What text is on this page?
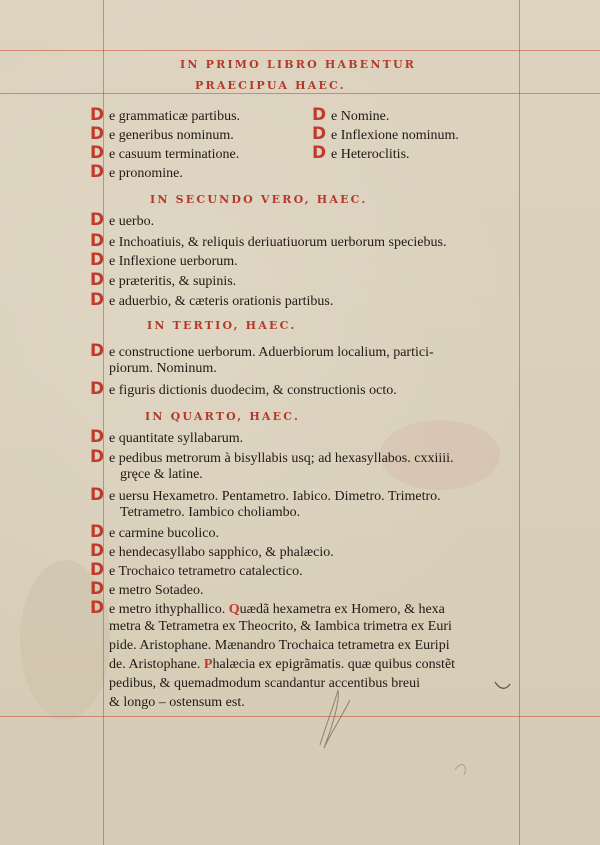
IN PRIMO LIBRO HABENTUR
PRAECIPUA HAEC.
D e grammaticæ partibus.
D e generibus nominum.
D e casuum terminatione.
D e pronomine.
D e Nomine.
D e Inflexione nominum.
D e Heteroclitis.
IN SECUNDO VERO, HAEC.
D e uerbo.
D e Inchoatiuis, & reliquis deriuatiuorum uerborum speciebus.
D e Inflexione uerborum.
D e præteritis, & supinis.
D e aduerbio, & cæteris orationis partibus.
IN TERTIO, HAEC.
D e constructione uerborum. Aduerbiorum localium, partici-
piorum. Nominum.
D e figuris dictionis duodecim, & constructionis octo.
IN QUARTO, HAEC.
D e quantitate syllabarum.
D e pedibus metrorum à bisyllabis usq; ad hexasyllabos. cxxiiii.
gręce & latine.
D e uersu Hexametro. Pentametro. Iabico. Dimetro. Trimetro.
Tetrametro. Iambico choliambo.
D e carmine bucolico.
D e hendecasyllabo sapphico, & phalæcio.
D e Trochaico tetrametro catalectico.
D e metro Sotadeo.
D e metro ithyphallico. Quædã hexametra ex Homero, & hexa
metra & Tetrametra ex Theocrito, & Iambica trimetra ex Euri
pide. Aristophane. Mænandro Trochaica tetrametra ex Euripi
de. Aristophane. Phalæcia ex epigrãmatis. quæ quibus constẽt
pedibus, & quemadmodum scandantur accentibus breui
& longo – ostensum est.
